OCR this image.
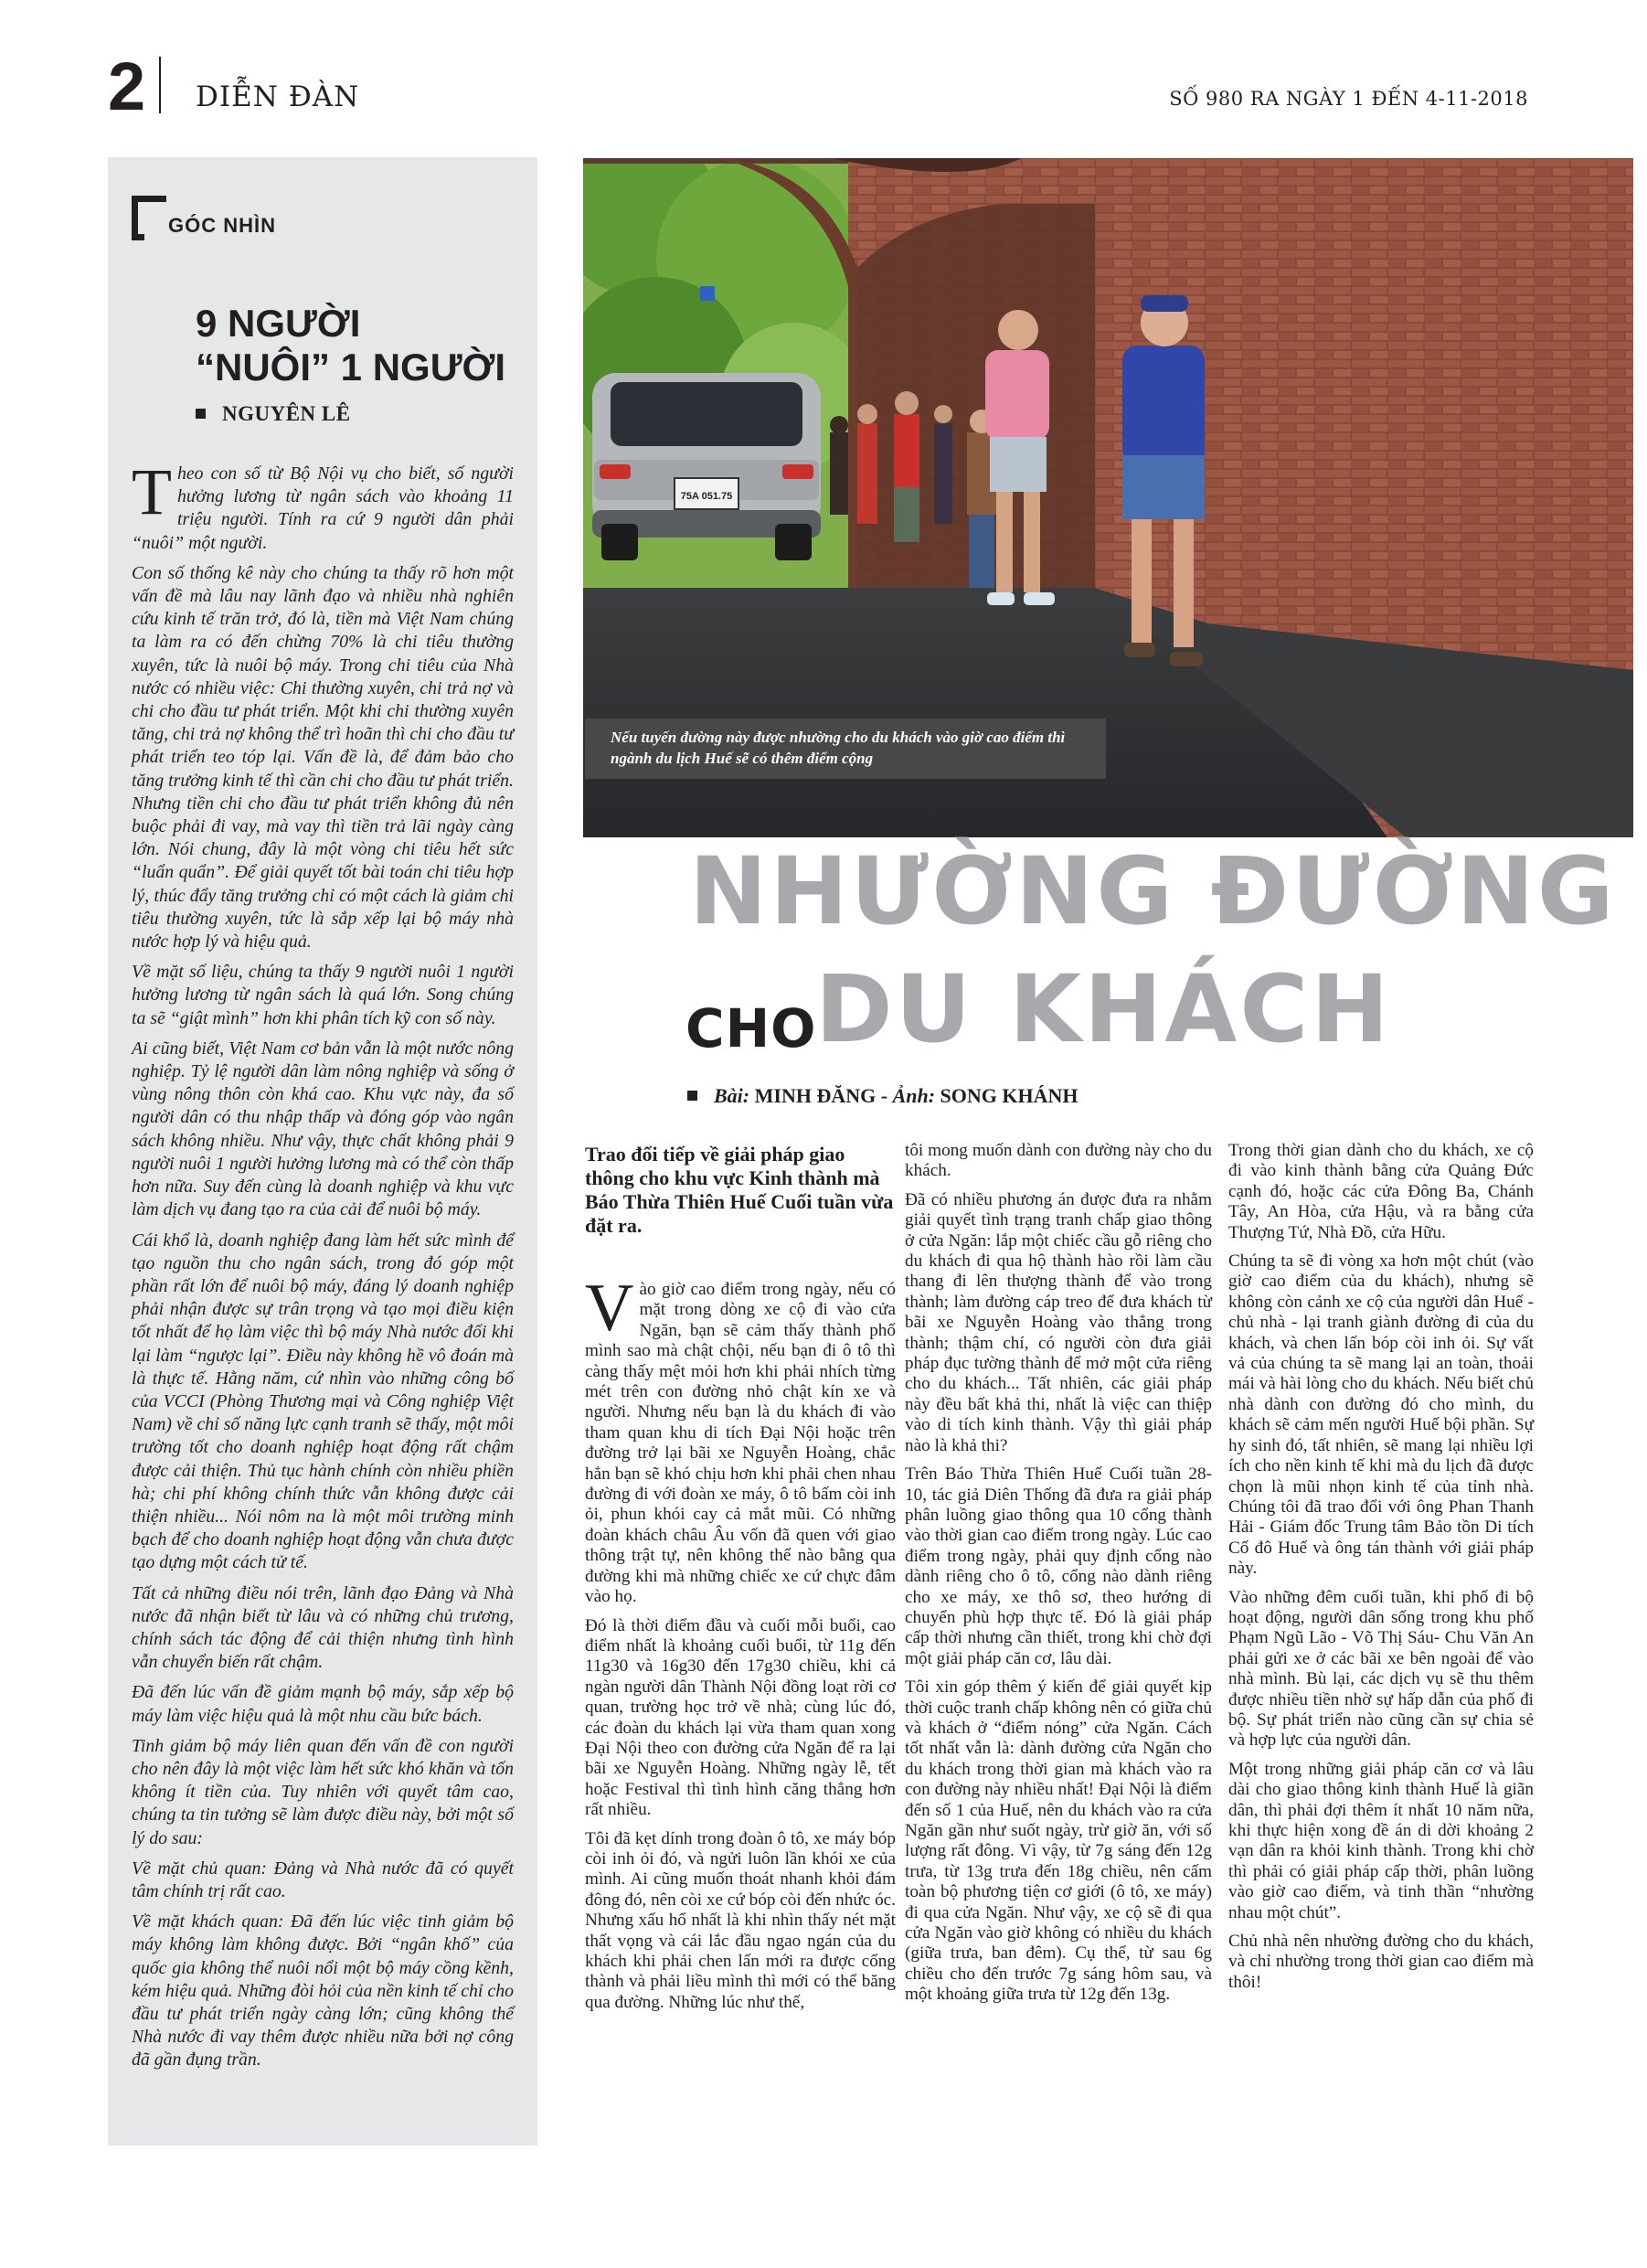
2 DIỄN ĐÀN	SỐ 980 RA NGÀY 1 ĐẾN 4-11-2018
GÓC NHÌN
9 NGƯỜI
“NUÔI” 1 NGƯỜI
NGUYÊN LÊ

Theo con số từ Bộ Nội vụ cho biết, số người hưởng lương từ ngân sách vào khoảng 11 triệu người. Tính ra cứ 9 người dân phải “nuôi” một người.

Con số thống kê này cho chúng ta thấy rõ hơn một vấn đề mà lâu nay lãnh đạo và nhiều nhà nghiên cứu kinh tế trăn trở, đó là, tiền mà Việt Nam chúng ta làm ra có đến chừng 70% là chi tiêu thường xuyên, tức là nuôi bộ máy. Trong chi tiêu của Nhà nước có nhiều việc: Chi thường xuyên, chi trả nợ và chi cho đầu tư phát triển. Một khi chi thường xuyên tăng, chi trả nợ không thể trì hoãn thì chi cho đầu tư phát triển teo tóp lại. Vấn đề là, để đảm bảo cho tăng trưởng kinh tế thì cần chi cho đầu tư phát triển. Nhưng tiền chi cho đầu tư phát triển không đủ nên buộc phải đi vay, mà vay thì tiền trả lãi ngày càng lớn. Nói chung, đây là một vòng chi tiêu hết sức “luẩn quẩn”. Để giải quyết tốt bài toán chi tiêu hợp lý, thúc đẩy tăng trưởng chỉ có một cách là giảm chi tiêu thường xuyên, tức là sắp xếp lại bộ máy nhà nước hợp lý và hiệu quả.

Về mặt số liệu, chúng ta thấy 9 người nuôi 1 người hưởng lương từ ngân sách là quá lớn. Song chúng ta sẽ “giật mình” hơn khi phân tích kỹ con số này.

Ai cũng biết, Việt Nam cơ bản vẫn là một nước nông nghiệp. Tỷ lệ người dân làm nông nghiệp và sống ở vùng nông thôn còn khá cao. Khu vực này, đa số người dân có thu nhập thấp và đóng góp vào ngân sách không nhiều. Như vậy, thực chất không phải 9 người nuôi 1 người hưởng lương mà có thể còn thấp hơn nữa. Suy đến cùng là doanh nghiệp và khu vực làm dịch vụ đang tạo ra của cải để nuôi bộ máy.

Cái khổ là, doanh nghiệp đang làm hết sức mình để tạo nguồn thu cho ngân sách, trong đó góp một phần rất lớn để nuôi bộ máy, đáng lý doanh nghiệp phải nhận được sự trân trọng và tạo mọi điều kiện tốt nhất để họ làm việc thì bộ máy Nhà nước đối khi lại làm “ngược lại”. Điều này không hề vô đoán mà là thực tế. Hằng năm, cứ nhìn vào những công bố của VCCI (Phòng Thương mại và Công nghiệp Việt Nam) về chỉ số năng lực cạnh tranh sẽ thấy, một môi trường tốt cho doanh nghiệp hoạt động rất chậm được cải thiện. Thủ tục hành chính còn nhiều phiền hà; chi phí không chính thức vẫn không được cải thiện nhiều... Nói nôm na là một môi trường minh bạch để cho doanh nghiệp hoạt động vẫn chưa được tạo dựng một cách tử tế.

Tất cả những điều nói trên, lãnh đạo Đảng và Nhà nước đã nhận biết từ lâu và có những chủ trương, chính sách tác động để cải thiện nhưng tình hình vẫn chuyển biến rất chậm.

Đã đến lúc vấn đề giảm mạnh bộ máy, sắp xếp bộ máy làm việc hiệu quả là một nhu cầu bức bách.

Tinh giảm bộ máy liên quan đến vấn đề con người cho nên đây là một việc làm hết sức khó khăn và tốn không ít tiền của. Tuy nhiên với quyết tâm cao, chúng ta tin tưởng sẽ làm được điều này, bởi một số lý do sau:

Về mặt chủ quan: Đảng và Nhà nước đã có quyết tâm chính trị rất cao.

Về mặt khách quan: Đã đến lúc việc tinh giảm bộ máy không làm không được. Bởi “ngân khố” của quốc gia không thể nuôi nổi một bộ máy cồng kềnh, kém hiệu quả. Những đòi hỏi của nền kinh tế chỉ cho đầu tư phát triển ngày càng lớn; cũng không thể Nhà nước đi vay thêm được nhiều nữa bởi nợ công đã gần đụng trần.

75A 051.75
Nếu tuyến đường này được nhường cho du khách vào giờ cao điểm thì ngành du lịch Huế sẽ có thêm điểm cộng
NHƯỜNG ĐƯỜNG
CHO
DU KHÁCH
Bài: MINH ĐĂNG - Ảnh: SONG KHÁNH

Trao đổi tiếp về giải pháp giao thông cho khu vực Kinh thành mà Báo Thừa Thiên Huế Cuối tuần vừa đặt ra.

Vào giờ cao điểm trong ngày, nếu có mặt trong dòng xe cộ đi vào cửa Ngăn, bạn sẽ cảm thấy thành phố mình sao mà chật chội, nếu bạn đi ô tô thì càng thấy mệt mỏi hơn khi phải nhích từng mét trên con đường nhỏ chật kín xe và người. Nhưng nếu bạn là du khách đi vào tham quan khu di tích Đại Nội hoặc trên đường trở lại bãi xe Nguyễn Hoàng, chắc hẳn bạn sẽ khó chịu hơn khi phải chen nhau đường đi với đoàn xe máy, ô tô bấm còi inh ỏi, phun khói cay cả mắt mũi. Có những đoàn khách châu Âu vốn đã quen với giao thông trật tự, nên không thể nào bằng qua đường khi mà những chiếc xe cứ chực đâm vào họ.

Đó là thời điểm đầu và cuối mỗi buổi, cao điểm nhất là khoảng cuối buổi, từ 11g đến 11g30 và 16g30 đến 17g30 chiều, khi cả ngàn người dân Thành Nội đồng loạt rời cơ quan, trường học trở về nhà; cùng lúc đó, các đoàn du khách lại vừa tham quan xong Đại Nội theo con đường cửa Ngăn để ra lại bãi xe Nguyễn Hoàng. Những ngày lễ, tết hoặc Festival thì tình hình căng thẳng hơn rất nhiều.

Tôi đã kẹt dính trong đoàn ô tô, xe máy bóp còi inh ỏi đó, và ngửi luôn lần khói xe của mình. Ai cũng muốn thoát nhanh khỏi đám đông đó, nên còi xe cứ bóp còi đến nhức óc. Nhưng xấu hổ nhất là khi nhìn thấy nét mặt thất vọng và cái lắc đầu ngao ngán của du khách khi phải chen lấn mới ra được cổng thành và phải liều mình thì mới có thể băng qua đường. Những lúc như thế,

tôi mong muốn dành con đường này cho du khách.

Đã có nhiều phương án được đưa ra nhằm giải quyết tình trạng tranh chấp giao thông ở cửa Ngăn: lắp một chiếc cầu gỗ riêng cho du khách đi qua hộ thành hào rồi làm cầu thang đi lên thượng thành để vào trong thành; làm đường cáp treo để đưa khách từ bãi xe Nguyễn Hoàng vào thẳng trong thành; thậm chí, có người còn đưa giải pháp đục tường thành để mở một cửa riêng cho du khách... Tất nhiên, các giải pháp này đều bất khả thi, nhất là việc can thiệp vào di tích kinh thành. Vậy thì giải pháp nào là khả thi?

Trên Báo Thừa Thiên Huế Cuối tuần 28-10, tác giả Diên Thống đã đưa ra giải pháp phân luồng giao thông qua 10 cổng thành vào thời gian cao điểm trong ngày. Lúc cao điểm trong ngày, phải quy định cổng nào dành riêng cho ô tô, cổng nào dành riêng cho xe máy, xe thô sơ, theo hướng di chuyển phù hợp thực tế. Đó là giải pháp cấp thời nhưng cần thiết, trong khi chờ đợi một giải pháp căn cơ, lâu dài.

Tôi xin góp thêm ý kiến để giải quyết kịp thời cuộc tranh chấp không nên có giữa chủ và khách ở “điểm nóng” cửa Ngăn. Cách tốt nhất vẫn là: dành đường cửa Ngăn cho du khách trong thời gian mà khách vào ra con đường này nhiều nhất! Đại Nội là điểm đến số 1 của Huế, nên du khách vào ra cửa Ngăn gần như suốt ngày, trừ giờ ăn, với số lượng rất đông. Vì vậy, từ 7g sáng đến 12g trưa, từ 13g trưa đến 18g chiều, nên cấm toàn bộ phương tiện cơ giới (ô tô, xe máy) đi qua cửa Ngăn. Như vậy, xe cộ sẽ đi qua cửa Ngăn vào giờ không có nhiều du khách (giữa trưa, ban đêm). Cụ thể, từ sau 6g chiều cho đến trước 7g sáng hôm sau, và một khoảng giữa trưa từ 12g đến 13g.

Trong thời gian dành cho du khách, xe cộ đi vào kinh thành bằng cửa Quảng Đức cạnh đó, hoặc các cửa Đông Ba, Chánh Tây, An Hòa, cửa Hậu, và ra bằng cửa Thượng Tứ, Nhà Đồ, cửa Hữu.

Chúng ta sẽ đi vòng xa hơn một chút (vào giờ cao điểm của du khách), nhưng sẽ không còn cảnh xe cộ của người dân Huế - chủ nhà - lại tranh giành đường đi của du khách, và chen lấn bóp còi inh ỏi. Sự vất vả của chúng ta sẽ mang lại an toàn, thoải mái và hài lòng cho du khách. Nếu biết chủ nhà dành con đường đó cho mình, du khách sẽ cảm mến người Huế bội phần. Sự hy sinh đó, tất nhiên, sẽ mang lại nhiều lợi ích cho nền kinh tế khi mà du lịch đã được chọn là mũi nhọn kinh tế của tỉnh nhà. Chúng tôi đã trao đổi với ông Phan Thanh Hải - Giám đốc Trung tâm Bảo tồn Di tích Cố đô Huế và ông tán thành với giải pháp này.

Vào những đêm cuối tuần, khi phố đi bộ hoạt động, người dân sống trong khu phố Phạm Ngũ Lão - Võ Thị Sáu- Chu Văn An phải gửi xe ở các bãi xe bên ngoài để vào nhà mình. Bù lại, các dịch vụ sẽ thu thêm được nhiều tiền nhờ sự hấp dẫn của phố đi bộ. Sự phát triển nào cũng cần sự chia sẻ và hợp lực của người dân.

Một trong những giải pháp căn cơ và lâu dài cho giao thông kinh thành Huế là giãn dân, thì phải đợi thêm ít nhất 10 năm nữa, khi thực hiện xong đề án di dời khoảng 2 vạn dân ra khỏi kinh thành. Trong khi chờ thì phải có giải pháp cấp thời, phân luồng vào giờ cao điểm, và tinh thần “nhường nhau một chút”.

Chủ nhà nên nhường đường cho du khách, và chỉ nhường trong thời gian cao điểm mà thôi!
